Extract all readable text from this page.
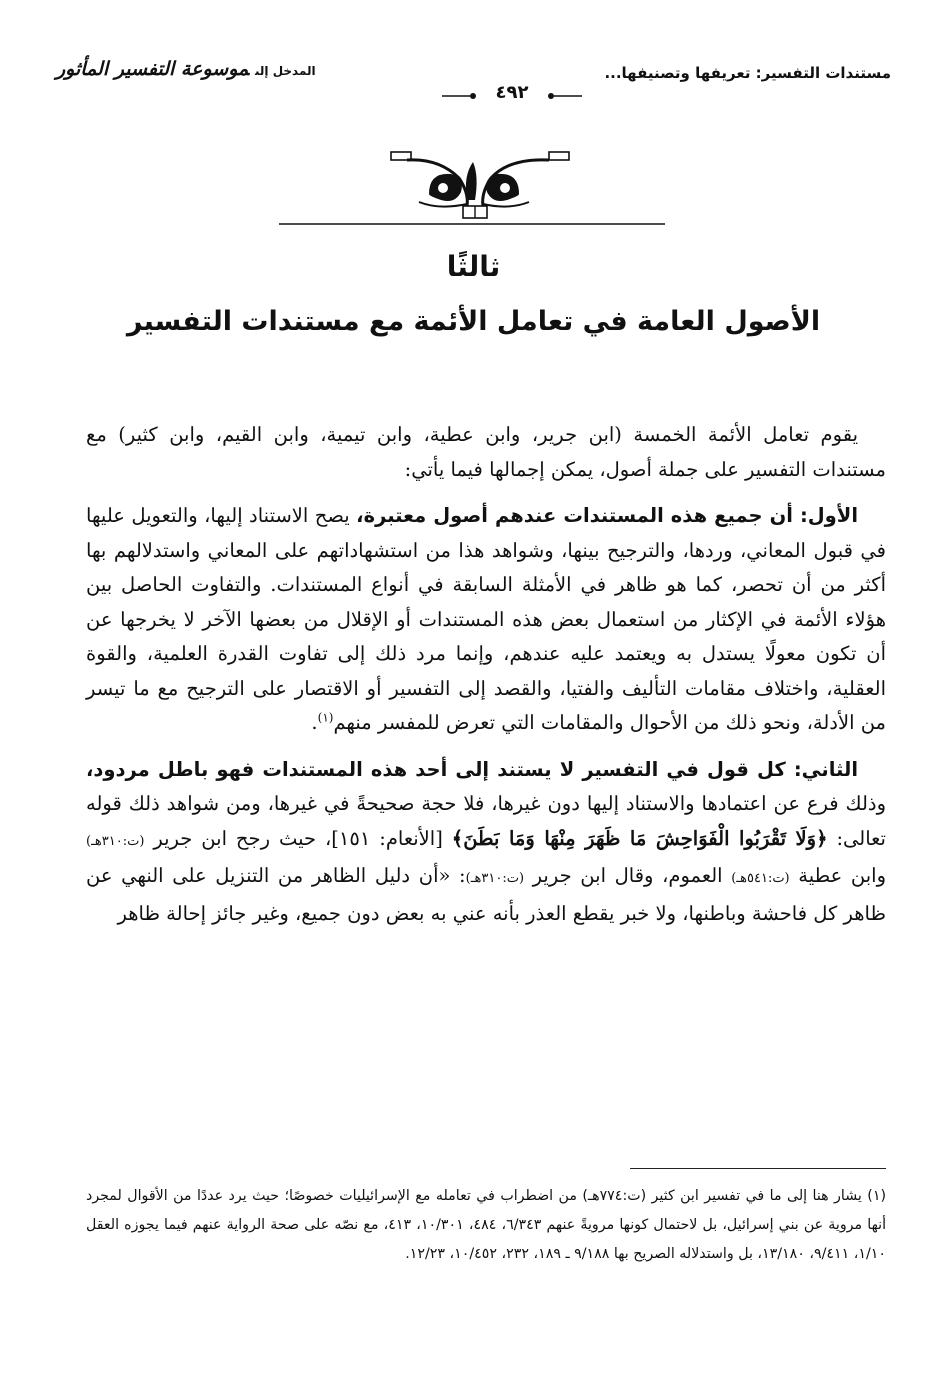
مستندات التفسير: تعريفها وتصنيفها...
المدخل إلىموسوعة التفسير المأثور
٤٩٢
ثالثًا
الأصول العامة في تعامل الأئمة مع مستندات التفسير

يقوم تعامل الأئمة الخمسة (ابن جرير، وابن عطية، وابن تيمية، وابن القيم، وابن كثير) مع مستندات التفسير على جملة أصول، يمكن إجمالها فيما يأتي:

الأول: أن جميع هذه المستندات عندهم أصول معتبرة، يصح الاستناد إليها، والتعويل عليها في قبول المعاني، وردها، والترجيح بينها، وشواهد هذا من استشهاداتهم على المعاني واستدلالهم بها أكثر من أن تحصر، كما هو ظاهر في الأمثلة السابقة في أنواع المستندات. والتفاوت الحاصل بين هؤلاء الأئمة في الإكثار من استعمال بعض هذه المستندات أو الإقلال من بعضها الآخر لا يخرجها عن أن تكون معولًا يستدل به ويعتمد عليه عندهم، وإنما مرد ذلك إلى تفاوت القدرة العلمية، والقوة العقلية، واختلاف مقامات التأليف والفتيا، والقصد إلى التفسير أو الاقتصار على الترجيح مع ما تيسر من الأدلة، ونحو ذلك من الأحوال والمقامات التي تعرض للمفسر منهم$^{(١)}$.

الثاني: كل قول في التفسير لا يستند إلى أحد هذه المستندات فهو باطل مردود، وذلك فرع عن اعتمادها والاستناد إليها دون غيرها، فلا حجة صحيحةً في غيرها، ومن شواهد ذلك قوله تعالى: ﴿وَلَا تَقْرَبُوا الْفَوَاحِشَ مَا ظَهَرَ مِنْهَا وَمَا بَطَنَ﴾ [الأنعام: ١٥١]، حيث رجح ابن جرير (ت:٣١٠هـ) وابن عطية (ت:٥٤١هـ) العموم، وقال ابن جرير (ت:٣١٠هـ): «أن دليل الظاهر من التنزيل على النهي عن ظاهر كل فاحشة وباطنها، ولا خبر يقطع العذر بأنه عني به بعض دون جميع، وغير جائز إحالة ظاهر

(١) يشار هنا إلى ما في تفسير ابن كثير (ت:٧٧٤هـ) من اضطراب في تعامله مع الإسرائيليات خصوصًا؛ حيث يرد عددًا من الأقوال لمجرد أنها مروية عن بني إسرائيل، بل لاحتمال كونها مرويةً عنهم ٦/٣٤٣، ٤٨٤، ١٠/٣٠١، ٤١٣، مع نصّه على صحة الرواية عنهم فيما يجوزه العقل ١/١٠، ٩/٤١١، ١٣/١٨٠، بل واستدلاله الصريح بها ٩/١٨٨ ـ ١٨٩، ٢٣٢، ١٠/٤٥٢، ١٢/٢٣.
